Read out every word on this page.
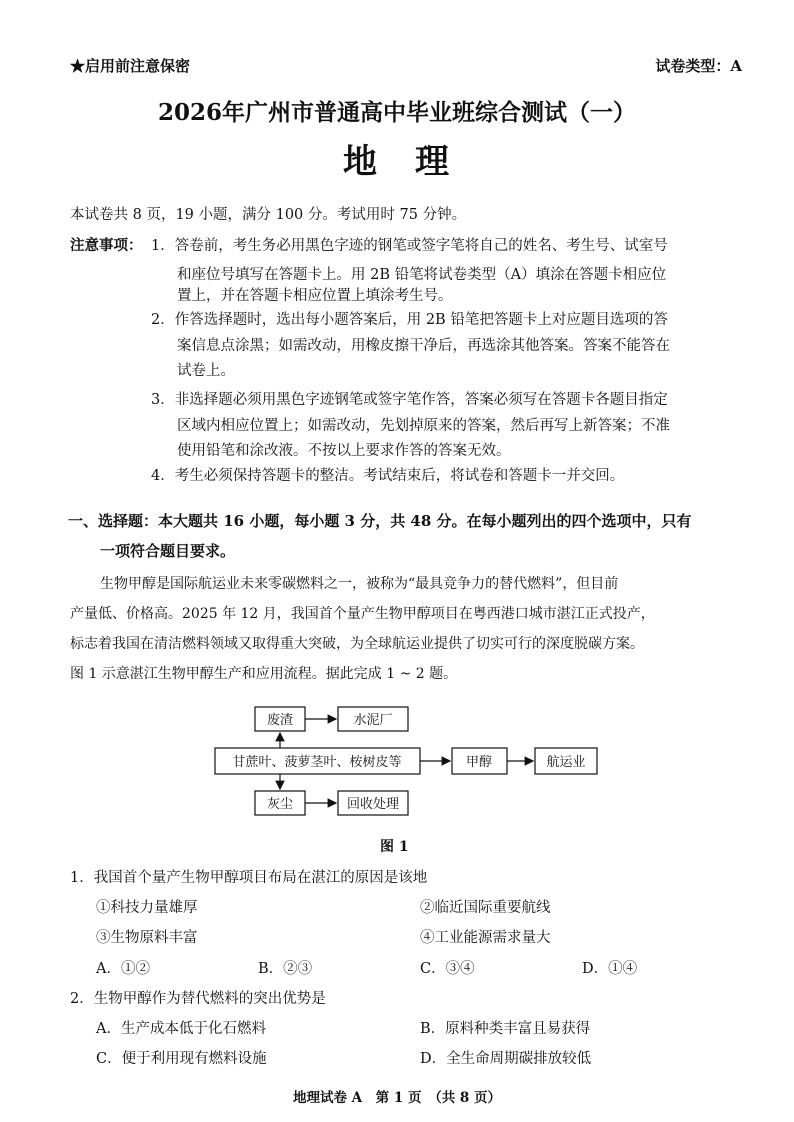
★启用前注意保密	试卷类型：A
2026年广州市普通高中毕业班综合测试（一）
地　理
本试卷共 8 页，19 小题，满分 100 分。考试用时 75 分钟。
注意事项： 1．答卷前，考生务必用黑色字迹的钢笔或签字笔将自己的姓名、考生号、试室号
和座位号填写在答题卡上。用 2B 铅笔将试卷类型（A）填涂在答题卡相应位
置上，并在答题卡相应位置上填涂考生号。
2．作答选择题时，选出每小题答案后，用 2B 铅笔把答题卡上对应题目选项的答
案信息点涂黑；如需改动，用橡皮擦干净后，再选涂其他答案。答案不能答在
试卷上。
3．非选择题必须用黑色字迹钢笔或签字笔作答，答案必须写在答题卡各题目指定
区域内相应位置上；如需改动，先划掉原来的答案，然后再写上新答案；不准
使用铅笔和涂改液。不按以上要求作答的答案无效。
4．考生必须保持答题卡的整洁。考试结束后，将试卷和答题卡一并交回。
一、选择题：本大题共 16 小题，每小题 3 分，共 48 分。在每小题列出的四个选项中，只有
一项符合题目要求。
生物甲醇是国际航运业未来零碳燃料之一，被称为“最具竞争力的替代燃料”，但目前
产量低、价格高。2025 年 12 月，我国首个量产生物甲醇项目在粤西港口城市湛江正式投产，
标志着我国在清洁燃料领域又取得重大突破，为全球航运业提供了切实可行的深度脱碳方案。
图 1 示意湛江生物甲醇生产和应用流程。据此完成 1 ~ 2 题。
废渣	水泥厂
甘蔗叶、菠萝茎叶、桉树皮等	甲醇	航运业
灰尘	回收处理
图 1
1．我国首个量产生物甲醇项目布局在湛江的原因是该地
①科技力量雄厚	②临近国际重要航线
③生物原料丰富	④工业能源需求量大
A．①②	B．②③	C．③④	D．①④
2．生物甲醇作为替代燃料的突出优势是
A．生产成本低于化石燃料	B．原料种类丰富且易获得
C．便于利用现有燃料设施	D．全生命周期碳排放较低
地理试卷 A　第 1 页　（共 8 页）
